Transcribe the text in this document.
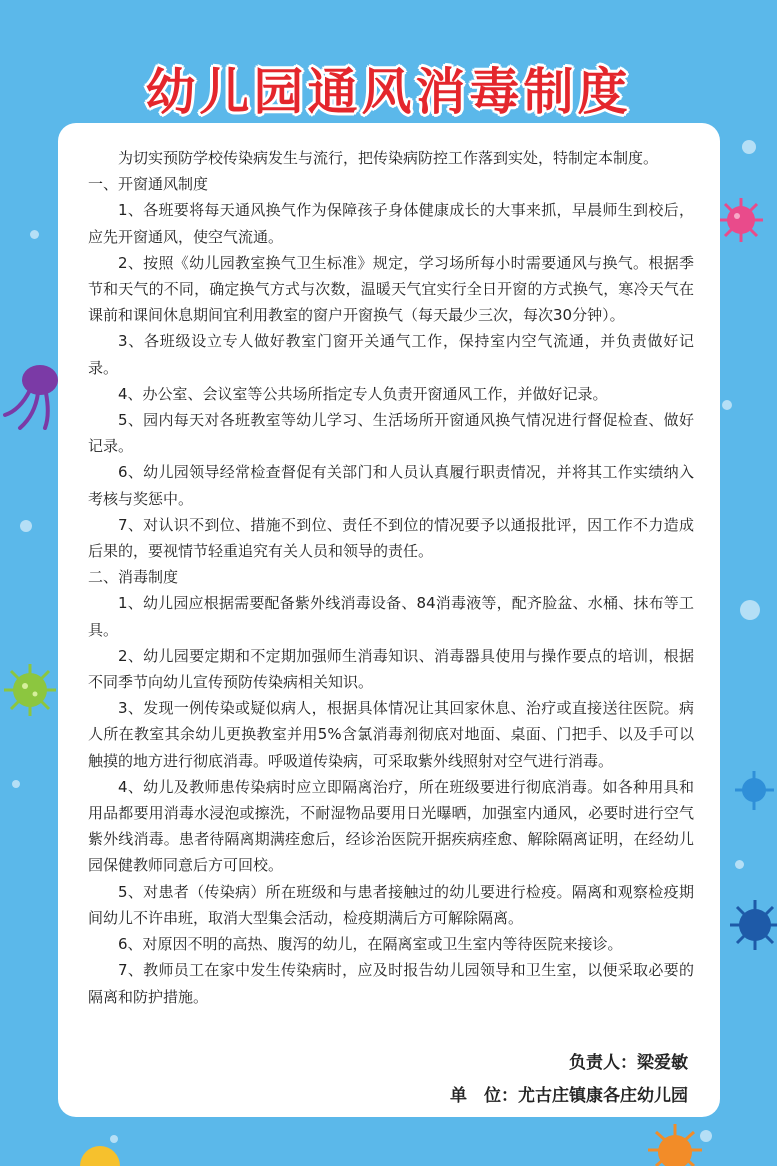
幼儿园通风消毒制度

为切实预防学校传染病发生与流行，把传染病防控工作落到实处，特制定本制度。

一、开窗通风制度

1、各班要将每天通风换气作为保障孩子身体健康成长的大事来抓，早晨师生到校后，应先开窗通风，使空气流通。

2、按照《幼儿园教室换气卫生标准》规定，学习场所每小时需要通风与换气。根据季节和天气的不同，确定换气方式与次数，温暖天气宜实行全日开窗的方式换气，寒冷天气在课前和课间休息期间宜利用教室的窗户开窗换气（每天最少三次，每次30分钟）。

3、各班级设立专人做好教室门窗开关通气工作，保持室内空气流通，并负责做好记录。

4、办公室、会议室等公共场所指定专人负责开窗通风工作，并做好记录。

5、园内每天对各班教室等幼儿学习、生活场所开窗通风换气情况进行督促检查、做好记录。

6、幼儿园领导经常检查督促有关部门和人员认真履行职责情况，并将其工作实绩纳入考核与奖惩中。

7、对认识不到位、措施不到位、责任不到位的情况要予以通报批评，因工作不力造成后果的，要视情节轻重追究有关人员和领导的责任。

二、消毒制度

1、幼儿园应根据需要配备紫外线消毒设备、84消毒液等，配齐脸盆、水桶、抹布等工具。

2、幼儿园要定期和不定期加强师生消毒知识、消毒器具使用与操作要点的培训，根据不同季节向幼儿宣传预防传染病相关知识。

3、发现一例传染或疑似病人，根据具体情况让其回家休息、治疗或直接送往医院。病人所在教室其余幼儿更换教室并用5%含氯消毒剂彻底对地面、桌面、门把手、以及手可以触摸的地方进行彻底消毒。呼吸道传染病，可采取紫外线照射对空气进行消毒。

4、幼儿及教师患传染病时应立即隔离治疗，所在班级要进行彻底消毒。如各种用具和用品都要用消毒水浸泡或擦洗，不耐湿物品要用日光曝晒，加强室内通风，必要时进行空气紫外线消毒。患者待隔离期满痊愈后，经诊治医院开据疾病痊愈、解除隔离证明，在经幼儿园保健教师同意后方可回校。

5、对患者（传染病）所在班级和与患者接触过的幼儿要进行检疫。隔离和观察检疫期间幼儿不许串班，取消大型集会活动，检疫期满后方可解除隔离。

6、对原因不明的高热、腹泻的幼儿，在隔离室或卫生室内等待医院来接诊。

7、教师员工在家中发生传染病时，应及时报告幼儿园领导和卫生室，以便采取必要的隔离和防护措施。

负责人：梁爱敏
单　位：尤古庄镇康各庄幼儿园
